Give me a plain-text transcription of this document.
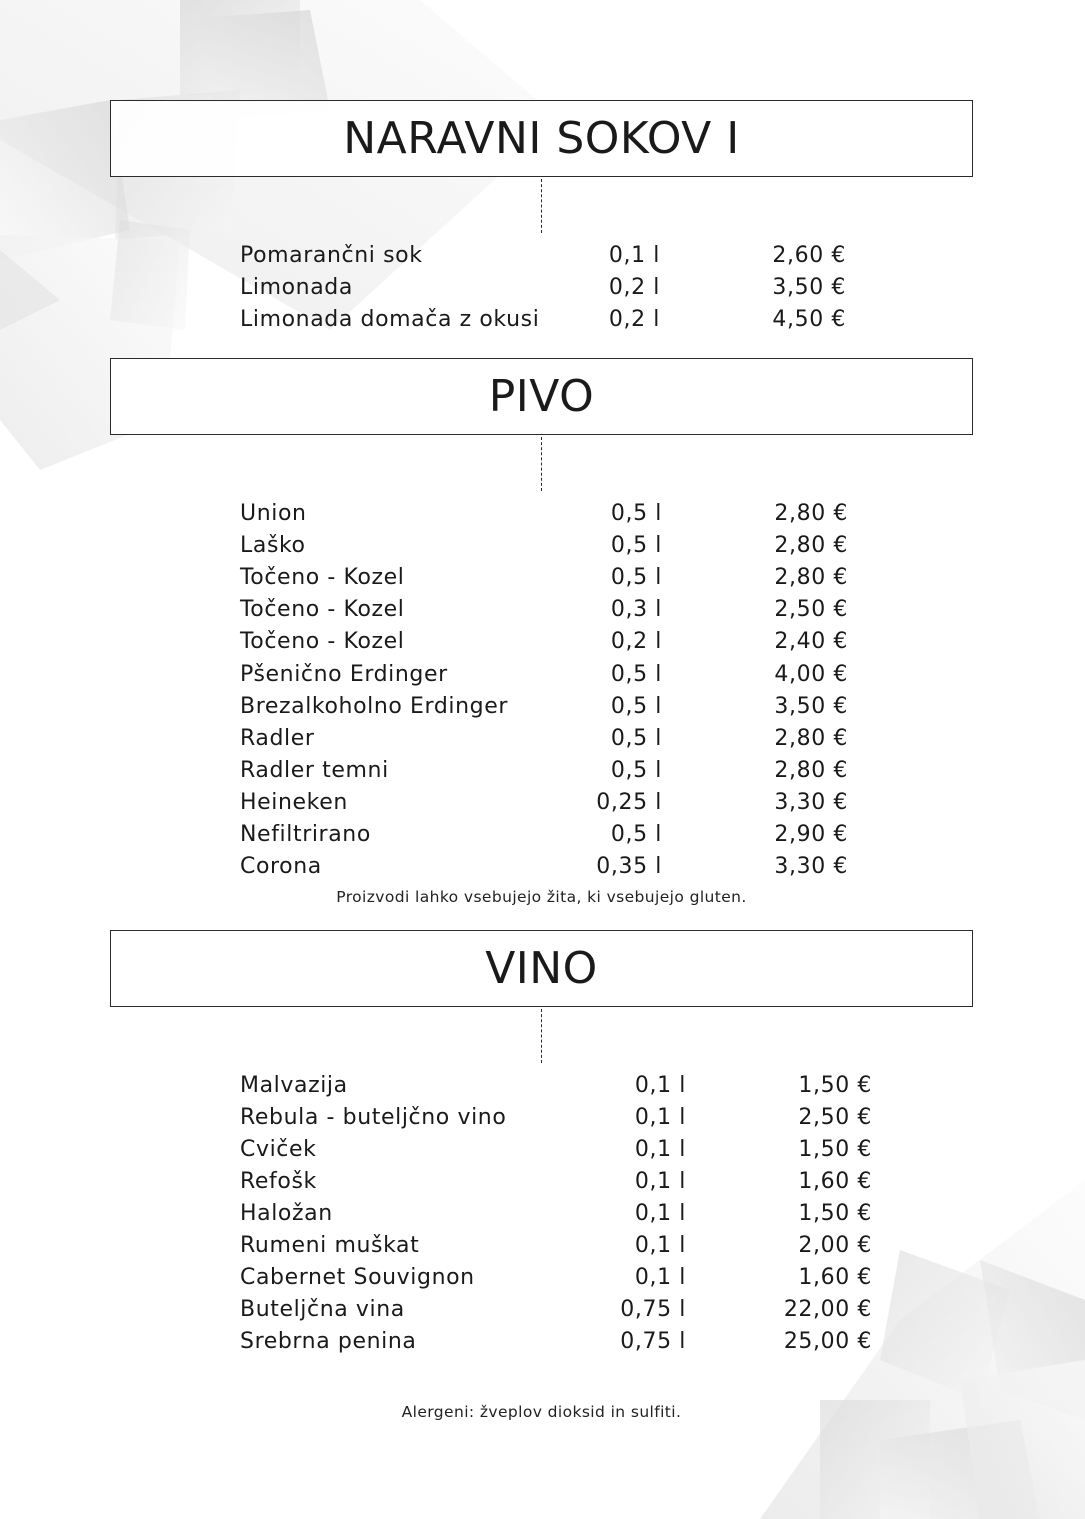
NARAVNI SOKOV I
PIVO
VINO
Pomarančni sok	0,1 l	2,60 €
Limonada	0,2 l	3,50 €
Limonada domača z okusi	0,2 l	4,50 €
Union	0,5 l	2,80 €
Laško	0,5 l	2,80 €
Točeno - Kozel	0,5 l	2,80 €
Točeno - Kozel	0,3 l	2,50 €
Točeno - Kozel	0,2 l	2,40 €
Pšenično Erdinger	0,5 l	4,00 €
Brezalkoholno Erdinger	0,5 l	3,50 €
Radler	0,5 l	2,80 €
Radler temni	0,5 l	2,80 €
Heineken	0,25 l	3,30 €
Nefiltrirano	0,5 l	2,90 €
Corona	0,35 l	3,30 €
Malvazija	0,1 l	1,50 €
Rebula - buteljčno vino	0,1 l	2,50 €
Cviček	0,1 l	1,50 €
Refošk	0,1 l	1,60 €
Haložan	0,1 l	1,50 €
Rumeni muškat	0,1 l	2,00 €
Cabernet Souvignon	0,1 l	1,60 €
Buteljčna vina	0,75 l	22,00 €
Srebrna penina	0,75 l	25,00 €
Proizvodi lahko vsebujejo žita, ki vsebujejo gluten.
Alergeni: žveplov dioksid in sulfiti.
